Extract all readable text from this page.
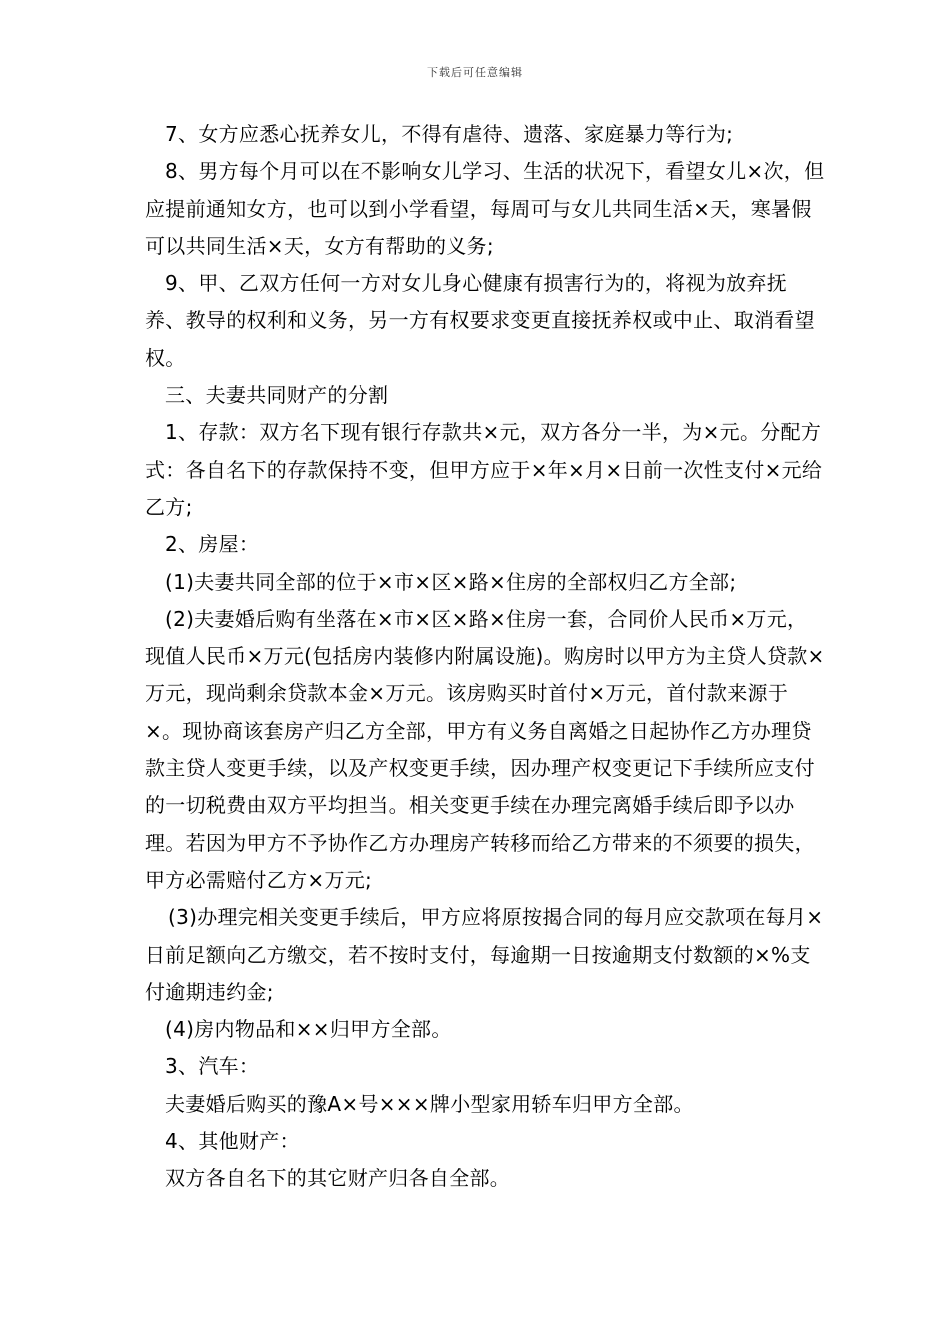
下载后可任意编辑

7、女方应悉心抚养女儿，不得有虐待、遗落、家庭暴力等行为;

8、男方每个月可以在不影响女儿学习、生活的状况下，看望女儿×次，但应提前通知女方，也可以到小学看望，每周可与女儿共同生活×天，寒暑假可以共同生活×天，女方有帮助的义务;

9、甲、乙双方任何一方对女儿身心健康有损害行为的，将视为放弃抚养、教导的权利和义务，另一方有权要求变更直接抚养权或中止、取消看望权。

三、夫妻共同财产的分割

1、存款：双方名下现有银行存款共×元，双方各分一半，为×元。分配方式：各自名下的存款保持不变，但甲方应于×年×月×日前一次性支付×元给乙方;

2、房屋：

(1)夫妻共同全部的位于×市×区×路×住房的全部权归乙方全部;

(2)夫妻婚后购有坐落在×市×区×路×住房一套，合同价人民币×万元，现值人民币×万元(包括房内装修内附属设施)。购房时以甲方为主贷人贷款×万元，现尚剩余贷款本金×万元。该房购买时首付×万元，首付款来源于×。现协商该套房产归乙方全部，甲方有义务自离婚之日起协作乙方办理贷款主贷人变更手续，以及产权变更手续，因办理产权变更记下手续所应支付的一切税费由双方平均担当。相关变更手续在办理完离婚手续后即予以办理。若因为甲方不予协作乙方办理房产转移而给乙方带来的不须要的损失，甲方必需赔付乙方×万元;

(3)办理完相关变更手续后，甲方应将原按揭合同的每月应交款项在每月×日前足额向乙方缴交，若不按时支付，每逾期一日按逾期支付数额的×%支付逾期违约金;

(4)房内物品和××归甲方全部。

3、汽车：

夫妻婚后购买的豫A×号×××牌小型家用轿车归甲方全部。

4、其他财产：

双方各自名下的其它财产归各自全部。
